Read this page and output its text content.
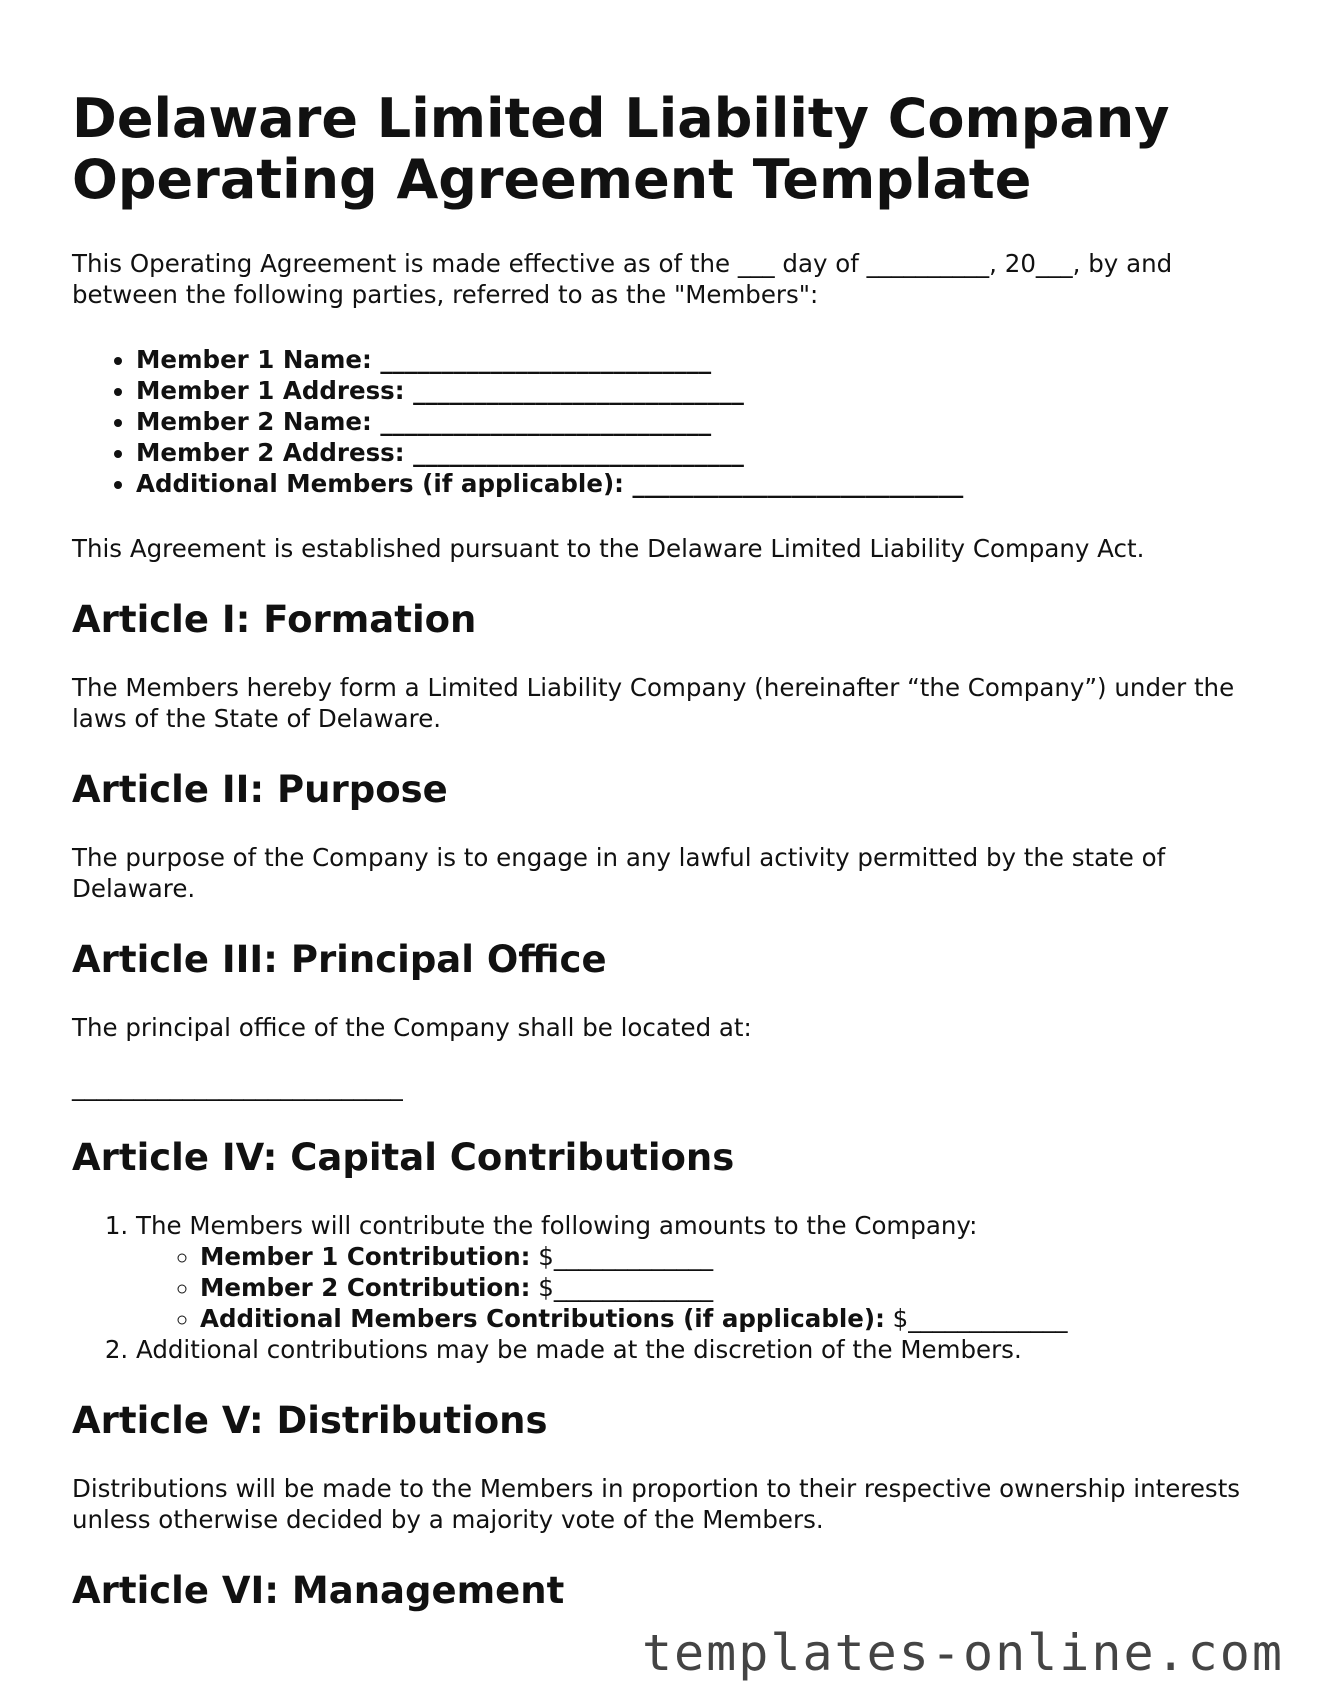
Delaware Limited Liability Company Operating Agreement Template

This Operating Agreement is made effective as of the ___ day of __________, 20___, by and between the following parties, referred to as the "Members":

• Member 1 Name: ___________________________
• Member 1 Address: ___________________________
• Member 2 Name: ___________________________
• Member 2 Address: ___________________________
• Additional Members (if applicable): ___________________________

This Agreement is established pursuant to the Delaware Limited Liability Company Act.

Article I: Formation

The Members hereby form a Limited Liability Company (hereinafter “the Company”) under the laws of the State of Delaware.

Article II: Purpose

The purpose of the Company is to engage in any lawful activity permitted by the state of Delaware.

Article III: Principal Office

The principal office of the Company shall be located at:

___________________________
Article IV: Capital Contributions
1. The Members will contribute the following amounts to the Company:
◦ Member 1 Contribution: $_____________
◦ Member 2 Contribution: $_____________
◦ Additional Members Contributions (if applicable): $_____________
2. Additional contributions may be made at the discretion of the Members.
Article V: Distributions

Distributions will be made to the Members in proportion to their respective ownership interests unless otherwise decided by a majority vote of the Members.

Article VI: Management
templates-online.com
